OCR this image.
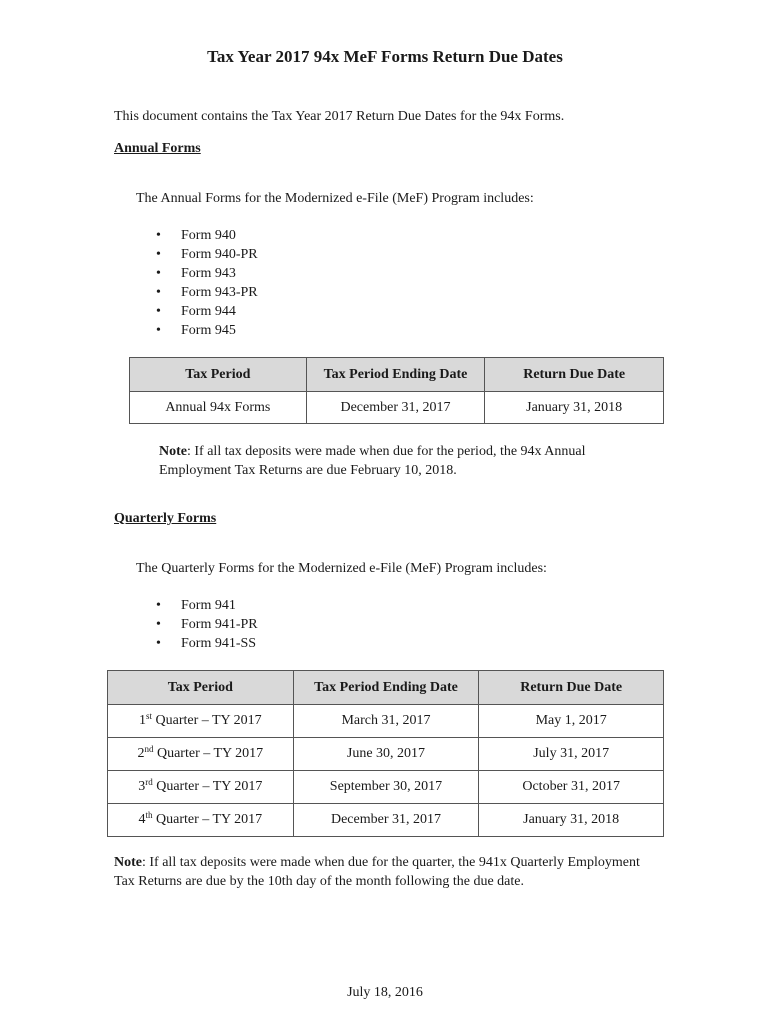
Tax Year 2017 94x MeF Forms Return Due Dates
This document contains the Tax Year 2017 Return Due Dates for the 94x Forms.
Annual Forms
The Annual Forms for the Modernized e-File (MeF) Program includes:
• Form 940
• Form 940-PR
• Form 943
• Form 943-PR
• Form 944
• Form 945
Tax Period	Tax Period Ending Date	Return Due Date
Annual 94x Forms	December 31, 2017	January 31, 2018
Note: If all tax deposits were made when due for the period, the 94x Annual Employment Tax Returns are due February 10, 2018.
Quarterly Forms
The Quarterly Forms for the Modernized e-File (MeF) Program includes:
• Form 941
• Form 941-PR
• Form 941-SS
Tax Period	Tax Period Ending Date	Return Due Date
1st Quarter – TY 2017	March 31, 2017	May 1, 2017
2nd Quarter – TY 2017	June 30, 2017	July 31, 2017
3rd Quarter – TY 2017	September 30, 2017	October 31, 2017
4th Quarter – TY 2017	December 31, 2017	January 31, 2018
Note: If all tax deposits were made when due for the quarter, the 941x Quarterly Employment Tax Returns are due by the 10th day of the month following the due date.
July 18, 2016
